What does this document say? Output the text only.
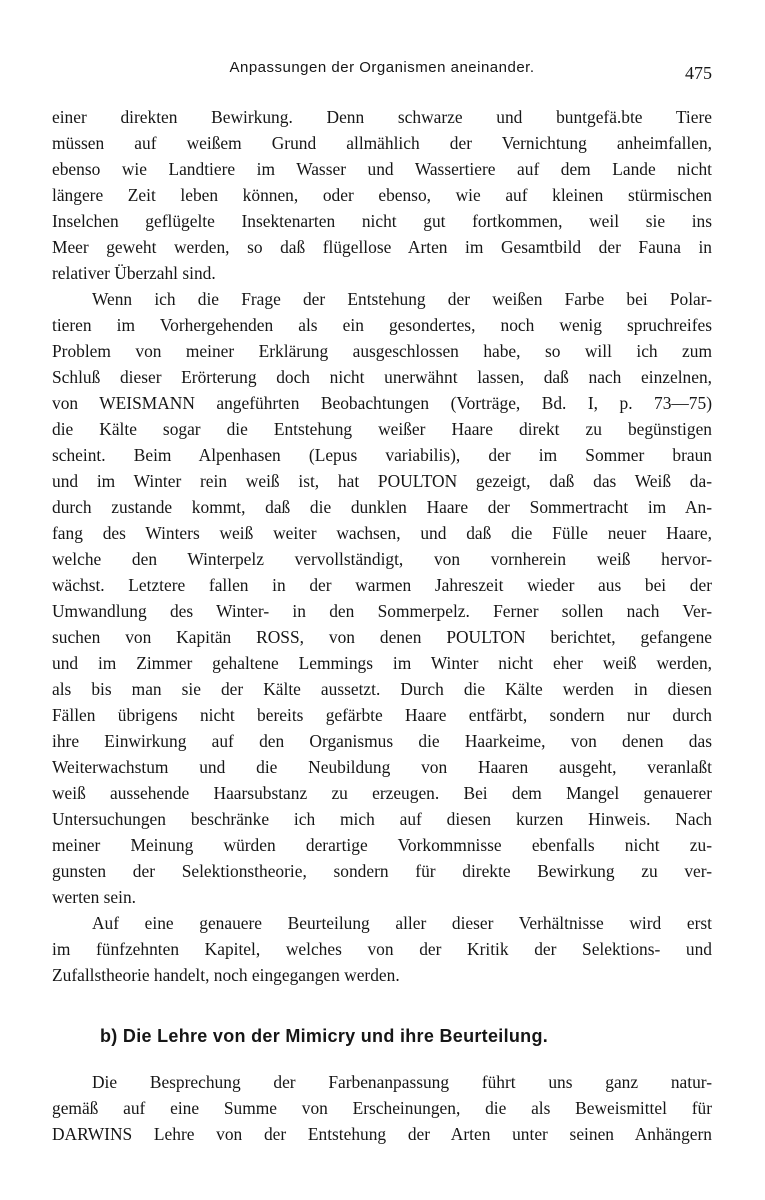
Anpassungen der Organismen aneinander.	475
einer direkten Bewirkung. Denn schwarze und buntgefä.bte Tiere
müssen auf weißem Grund allmählich der Vernichtung anheimfallen,
ebenso wie Landtiere im Wasser und Wassertiere auf dem Lande nicht
längere Zeit leben können, oder ebenso, wie auf kleinen stürmischen
Inselchen geflügelte Insektenarten nicht gut fortkommen, weil sie ins
Meer geweht werden, so daß flügellose Arten im Gesamtbild der Fauna in
relativer Überzahl sind.
Wenn ich die Frage der Entstehung der weißen Farbe bei Polar-
tieren im Vorhergehenden als ein gesondertes, noch wenig spruchreifes
Problem von meiner Erklärung ausgeschlossen habe, so will ich zum
Schluß dieser Erörterung doch nicht unerwähnt lassen, daß nach einzelnen,
von WEISMANN angeführten Beobachtungen (Vorträge, Bd. I, p. 73—75)
die Kälte sogar die Entstehung weißer Haare direkt zu begünstigen
scheint. Beim Alpenhasen (Lepus variabilis), der im Sommer braun
und im Winter rein weiß ist, hat POULTON gezeigt, daß das Weiß da-
durch zustande kommt, daß die dunklen Haare der Sommertracht im An-
fang des Winters weiß weiter wachsen, und daß die Fülle neuer Haare,
welche den Winterpelz vervollständigt, von vornherein weiß hervor-
wächst. Letztere fallen in der warmen Jahreszeit wieder aus bei der
Umwandlung des Winter- in den Sommerpelz. Ferner sollen nach Ver-
suchen von Kapitän ROSS, von denen POULTON berichtet, gefangene
und im Zimmer gehaltene Lemmings im Winter nicht eher weiß werden,
als bis man sie der Kälte aussetzt. Durch die Kälte werden in diesen
Fällen übrigens nicht bereits gefärbte Haare entfärbt, sondern nur durch
ihre Einwirkung auf den Organismus die Haarkeime, von denen das
Weiterwachstum und die Neubildung von Haaren ausgeht, veranlaßt
weiß aussehende Haarsubstanz zu erzeugen. Bei dem Mangel genauerer
Untersuchungen beschränke ich mich auf diesen kurzen Hinweis. Nach
meiner Meinung würden derartige Vorkommnisse ebenfalls nicht zu-
gunsten der Selektionstheorie, sondern für direkte Bewirkung zu ver-
werten sein.
Auf eine genauere Beurteilung aller dieser Verhältnisse wird erst
im fünfzehnten Kapitel, welches von der Kritik der Selektions- und
Zufallstheorie handelt, noch eingegangen werden.
b) Die Lehre von der Mimicry und ihre Beurteilung.
Die Besprechung der Farbenanpassung führt uns ganz natur-
gemäß auf eine Summe von Erscheinungen, die als Beweismittel für
DARWINS Lehre von der Entstehung der Arten unter seinen Anhängern
